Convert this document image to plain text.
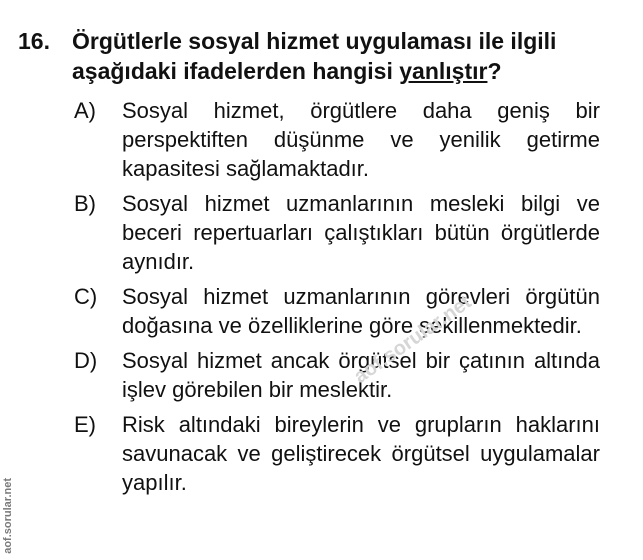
16. Örgütlerle sosyal hizmet uygulaması ile ilgili aşağıdaki ifadelerden hangisi yanlıştır?
A)	Sosyal hizmet, örgütlere daha geniş bir perspektiften düşünme ve yenilik getirme kapasitesi sağlamaktadır.
B)	Sosyal hizmet uzmanlarının mesleki bilgi ve beceri repertuarları çalıştıkları bütün örgütlerde aynıdır.
C)	Sosyal hizmet uzmanlarının görevleri örgütün doğasına ve özelliklerine göre şekillenmektedir.
D)	Sosyal hizmet ancak örgütsel bir çatının altında işlev görebilen bir meslektir.
E)	Risk altındaki bireylerin ve grupların haklarını savunacak ve geliştirecek örgütsel uygulamalar yapılır.
aof.sorular.net
aof.sorular.net
